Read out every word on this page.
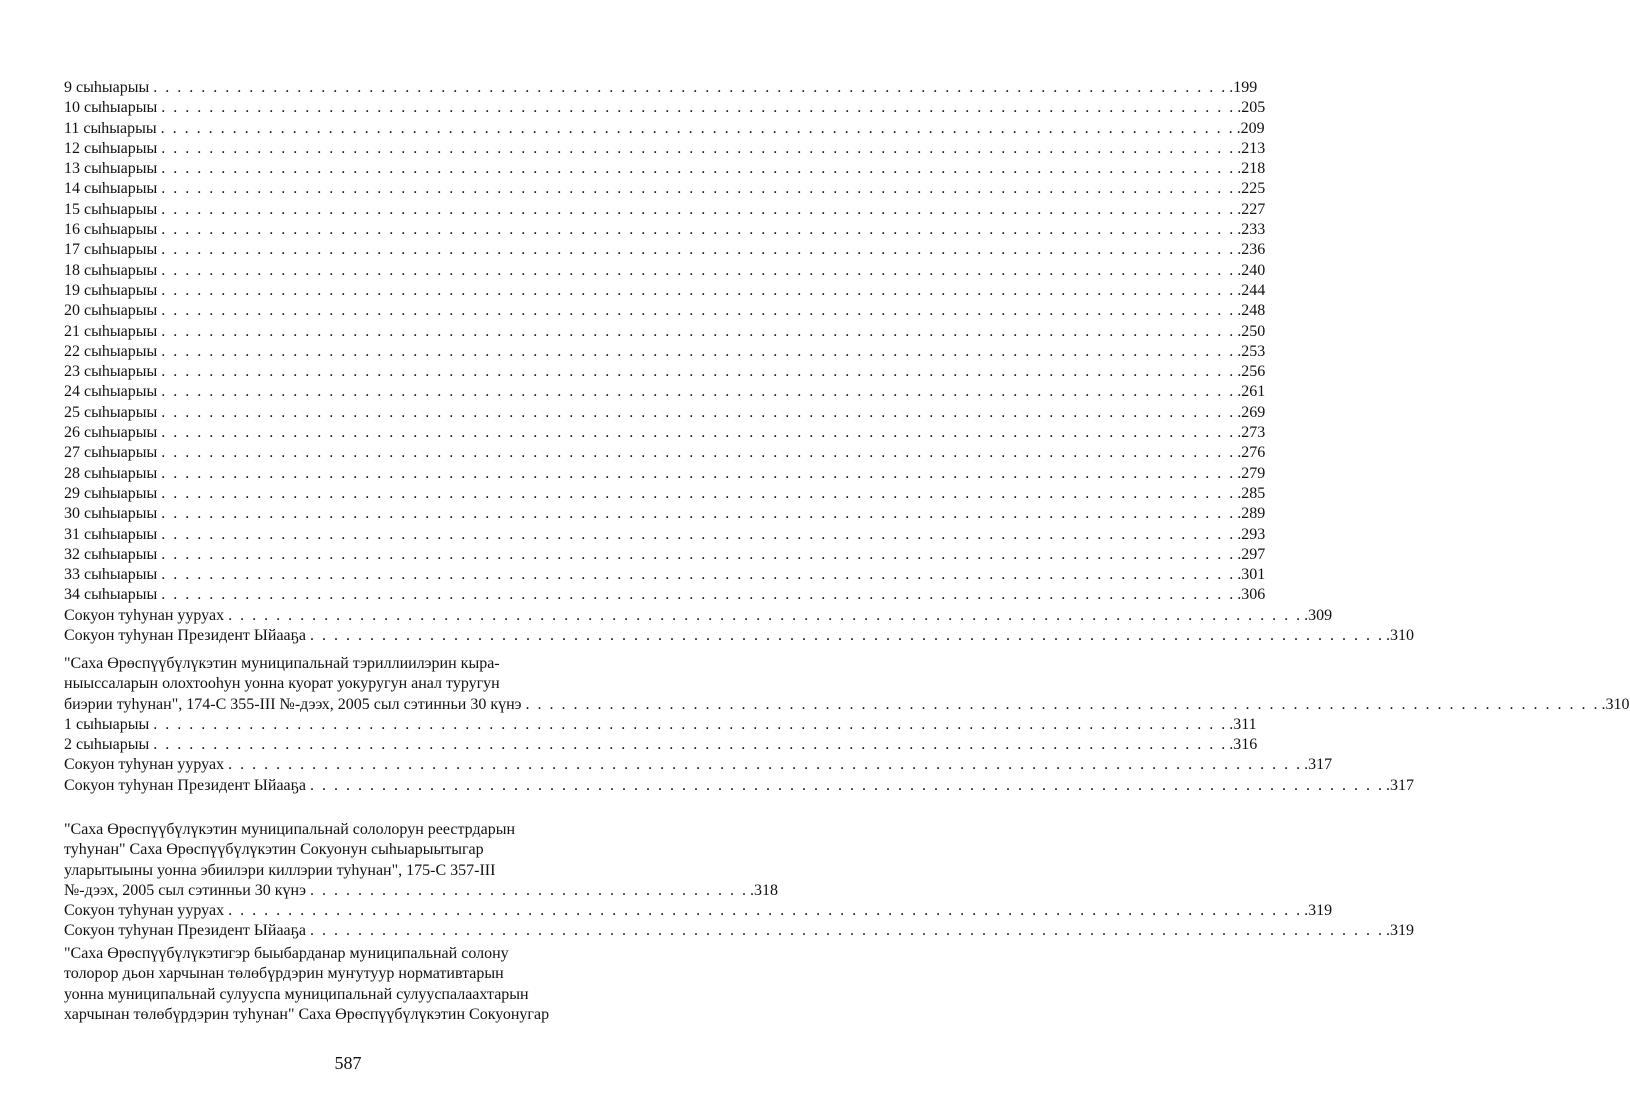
9 сыһыарыы . . . . . . . . . . . . . . . . . . . . . . . . . . . . . . . . . . . . . . . . . . . . . . . . . . . . . . . . . . . . . . . . . . . . . . . . . . . . . . . . . . . . . . . . . . .199
10 сыһыарыы . . . . . . . . . . . . . . . . . . . . . . . . . . . . . . . . . . . . . . . . . . . . . . . . . . . . . . . . . . . . . . . . . . . . . . . . . . . . . . . . . . . . . . . . . . .205
11 сыһыарыы . . . . . . . . . . . . . . . . . . . . . . . . . . . . . . . . . . . . . . . . . . . . . . . . . . . . . . . . . . . . . . . . . . . . . . . . . . . . . . . . . . . . . . . . . . .209
12 сыһыарыы . . . . . . . . . . . . . . . . . . . . . . . . . . . . . . . . . . . . . . . . . . . . . . . . . . . . . . . . . . . . . . . . . . . . . . . . . . . . . . . . . . . . . . . . . . .213
13 сыһыарыы . . . . . . . . . . . . . . . . . . . . . . . . . . . . . . . . . . . . . . . . . . . . . . . . . . . . . . . . . . . . . . . . . . . . . . . . . . . . . . . . . . . . . . . . . . .218
14 сыһыарыы . . . . . . . . . . . . . . . . . . . . . . . . . . . . . . . . . . . . . . . . . . . . . . . . . . . . . . . . . . . . . . . . . . . . . . . . . . . . . . . . . . . . . . . . . . .225
15 сыһыарыы . . . . . . . . . . . . . . . . . . . . . . . . . . . . . . . . . . . . . . . . . . . . . . . . . . . . . . . . . . . . . . . . . . . . . . . . . . . . . . . . . . . . . . . . . . .227
16 сыһыарыы . . . . . . . . . . . . . . . . . . . . . . . . . . . . . . . . . . . . . . . . . . . . . . . . . . . . . . . . . . . . . . . . . . . . . . . . . . . . . . . . . . . . . . . . . . .233
17 сыһыарыы . . . . . . . . . . . . . . . . . . . . . . . . . . . . . . . . . . . . . . . . . . . . . . . . . . . . . . . . . . . . . . . . . . . . . . . . . . . . . . . . . . . . . . . . . . .236
18 сыһыарыы . . . . . . . . . . . . . . . . . . . . . . . . . . . . . . . . . . . . . . . . . . . . . . . . . . . . . . . . . . . . . . . . . . . . . . . . . . . . . . . . . . . . . . . . . . .240
19 сыһыарыы . . . . . . . . . . . . . . . . . . . . . . . . . . . . . . . . . . . . . . . . . . . . . . . . . . . . . . . . . . . . . . . . . . . . . . . . . . . . . . . . . . . . . . . . . . .244
20 сыһыарыы . . . . . . . . . . . . . . . . . . . . . . . . . . . . . . . . . . . . . . . . . . . . . . . . . . . . . . . . . . . . . . . . . . . . . . . . . . . . . . . . . . . . . . . . . . .248
21 сыһыарыы . . . . . . . . . . . . . . . . . . . . . . . . . . . . . . . . . . . . . . . . . . . . . . . . . . . . . . . . . . . . . . . . . . . . . . . . . . . . . . . . . . . . . . . . . . .250
22 сыһыарыы . . . . . . . . . . . . . . . . . . . . . . . . . . . . . . . . . . . . . . . . . . . . . . . . . . . . . . . . . . . . . . . . . . . . . . . . . . . . . . . . . . . . . . . . . . .253
23 сыһыарыы . . . . . . . . . . . . . . . . . . . . . . . . . . . . . . . . . . . . . . . . . . . . . . . . . . . . . . . . . . . . . . . . . . . . . . . . . . . . . . . . . . . . . . . . . . .256
24 сыһыарыы . . . . . . . . . . . . . . . . . . . . . . . . . . . . . . . . . . . . . . . . . . . . . . . . . . . . . . . . . . . . . . . . . . . . . . . . . . . . . . . . . . . . . . . . . . .261
25 сыһыарыы . . . . . . . . . . . . . . . . . . . . . . . . . . . . . . . . . . . . . . . . . . . . . . . . . . . . . . . . . . . . . . . . . . . . . . . . . . . . . . . . . . . . . . . . . . .269
26 сыһыарыы . . . . . . . . . . . . . . . . . . . . . . . . . . . . . . . . . . . . . . . . . . . . . . . . . . . . . . . . . . . . . . . . . . . . . . . . . . . . . . . . . . . . . . . . . . .273
27 сыһыарыы . . . . . . . . . . . . . . . . . . . . . . . . . . . . . . . . . . . . . . . . . . . . . . . . . . . . . . . . . . . . . . . . . . . . . . . . . . . . . . . . . . . . . . . . . . .276
28 сыһыарыы . . . . . . . . . . . . . . . . . . . . . . . . . . . . . . . . . . . . . . . . . . . . . . . . . . . . . . . . . . . . . . . . . . . . . . . . . . . . . . . . . . . . . . . . . . .279
29 сыһыарыы . . . . . . . . . . . . . . . . . . . . . . . . . . . . . . . . . . . . . . . . . . . . . . . . . . . . . . . . . . . . . . . . . . . . . . . . . . . . . . . . . . . . . . . . . . .285
30 сыһыарыы . . . . . . . . . . . . . . . . . . . . . . . . . . . . . . . . . . . . . . . . . . . . . . . . . . . . . . . . . . . . . . . . . . . . . . . . . . . . . . . . . . . . . . . . . . .289
31 сыһыарыы . . . . . . . . . . . . . . . . . . . . . . . . . . . . . . . . . . . . . . . . . . . . . . . . . . . . . . . . . . . . . . . . . . . . . . . . . . . . . . . . . . . . . . . . . . .293
32 сыһыарыы . . . . . . . . . . . . . . . . . . . . . . . . . . . . . . . . . . . . . . . . . . . . . . . . . . . . . . . . . . . . . . . . . . . . . . . . . . . . . . . . . . . . . . . . . . .297
33 сыһыарыы . . . . . . . . . . . . . . . . . . . . . . . . . . . . . . . . . . . . . . . . . . . . . . . . . . . . . . . . . . . . . . . . . . . . . . . . . . . . . . . . . . . . . . . . . . .301
34 сыһыарыы . . . . . . . . . . . . . . . . . . . . . . . . . . . . . . . . . . . . . . . . . . . . . . . . . . . . . . . . . . . . . . . . . . . . . . . . . . . . . . . . . . . . . . . . . . .306
Сокуон туһунан ууруах . . . . . . . . . . . . . . . . . . . . . . . . . . . . . . . . . . . . . . . . . . . . . . . . . . . . . . . . . . . . . . . . . . . . . . . . . . . . . . . . . . . . . . . . . . .309
Сокуон туһунан Президент Ыйааҕа . . . . . . . . . . . . . . . . . . . . . . . . . . . . . . . . . . . . . . . . . . . . . . . . . . . . . . . . . . . . . . . . . . . . . . . . . . . . . . . . . . . . . . . . . . .310
"Саха Өрөспүүбүлүкэтин муниципальнай тэриллиилэрин кыра-
ныыссаларын олохтооһун уонна куорат уокуругун анал туругун
биэрии туһунан", 174-С 355-III №-дээх, 2005 сыл сэтинньи 30 күнэ . . . . . . . . . . . . . . . . . . . . . . . . . . . . . . . . . . . . . . . . . . . . . . . . . . . . . . . . . . . . . . . . . . . . . . . . . . . . . . . . . . . . . . . . . . .310
1 сыһыарыы . . . . . . . . . . . . . . . . . . . . . . . . . . . . . . . . . . . . . . . . . . . . . . . . . . . . . . . . . . . . . . . . . . . . . . . . . . . . . . . . . . . . . . . . . . .311
2 сыһыарыы . . . . . . . . . . . . . . . . . . . . . . . . . . . . . . . . . . . . . . . . . . . . . . . . . . . . . . . . . . . . . . . . . . . . . . . . . . . . . . . . . . . . . . . . . . .316
Сокуон туһунан ууруах . . . . . . . . . . . . . . . . . . . . . . . . . . . . . . . . . . . . . . . . . . . . . . . . . . . . . . . . . . . . . . . . . . . . . . . . . . . . . . . . . . . . . . . . . . .317
Сокуон туһунан Президент Ыйааҕа . . . . . . . . . . . . . . . . . . . . . . . . . . . . . . . . . . . . . . . . . . . . . . . . . . . . . . . . . . . . . . . . . . . . . . . . . . . . . . . . . . . . . . . . . . .317
"Саха Өрөспүүбүлүкэтин муниципальнай сололорун реестрдарын
туһунан" Саха Өрөспүүбүлүкэтин Сокуонун сыһыарыытыгар
уларытыыны уонна эбиилэри киллэрии туһунан", 175-С 357-III
№-дээх, 2005 сыл сэтинньи 30 күнэ . . . . . . . . . . . . . . . . . . . . . . . . . . . . . . . . . . . . . .318
Сокуон туһунан ууруах . . . . . . . . . . . . . . . . . . . . . . . . . . . . . . . . . . . . . . . . . . . . . . . . . . . . . . . . . . . . . . . . . . . . . . . . . . . . . . . . . . . . . . . . . . .319
Сокуон туһунан Президент Ыйааҕа . . . . . . . . . . . . . . . . . . . . . . . . . . . . . . . . . . . . . . . . . . . . . . . . . . . . . . . . . . . . . . . . . . . . . . . . . . . . . . . . . . . . . . . . . . .319
"Саха Өрөспүүбүлүкэтигэр быыбарданар муниципальнай солону
толорор дьон харчынан төлөбүрдэрин муҥутуур нормативтарын
уонна муниципальнай сулууспа муниципальнай сулууспалаахтарын
харчынан төлөбүрдэрин туһунан" Саха Өрөспүүбүлүкэтин Сокуонугар
587
